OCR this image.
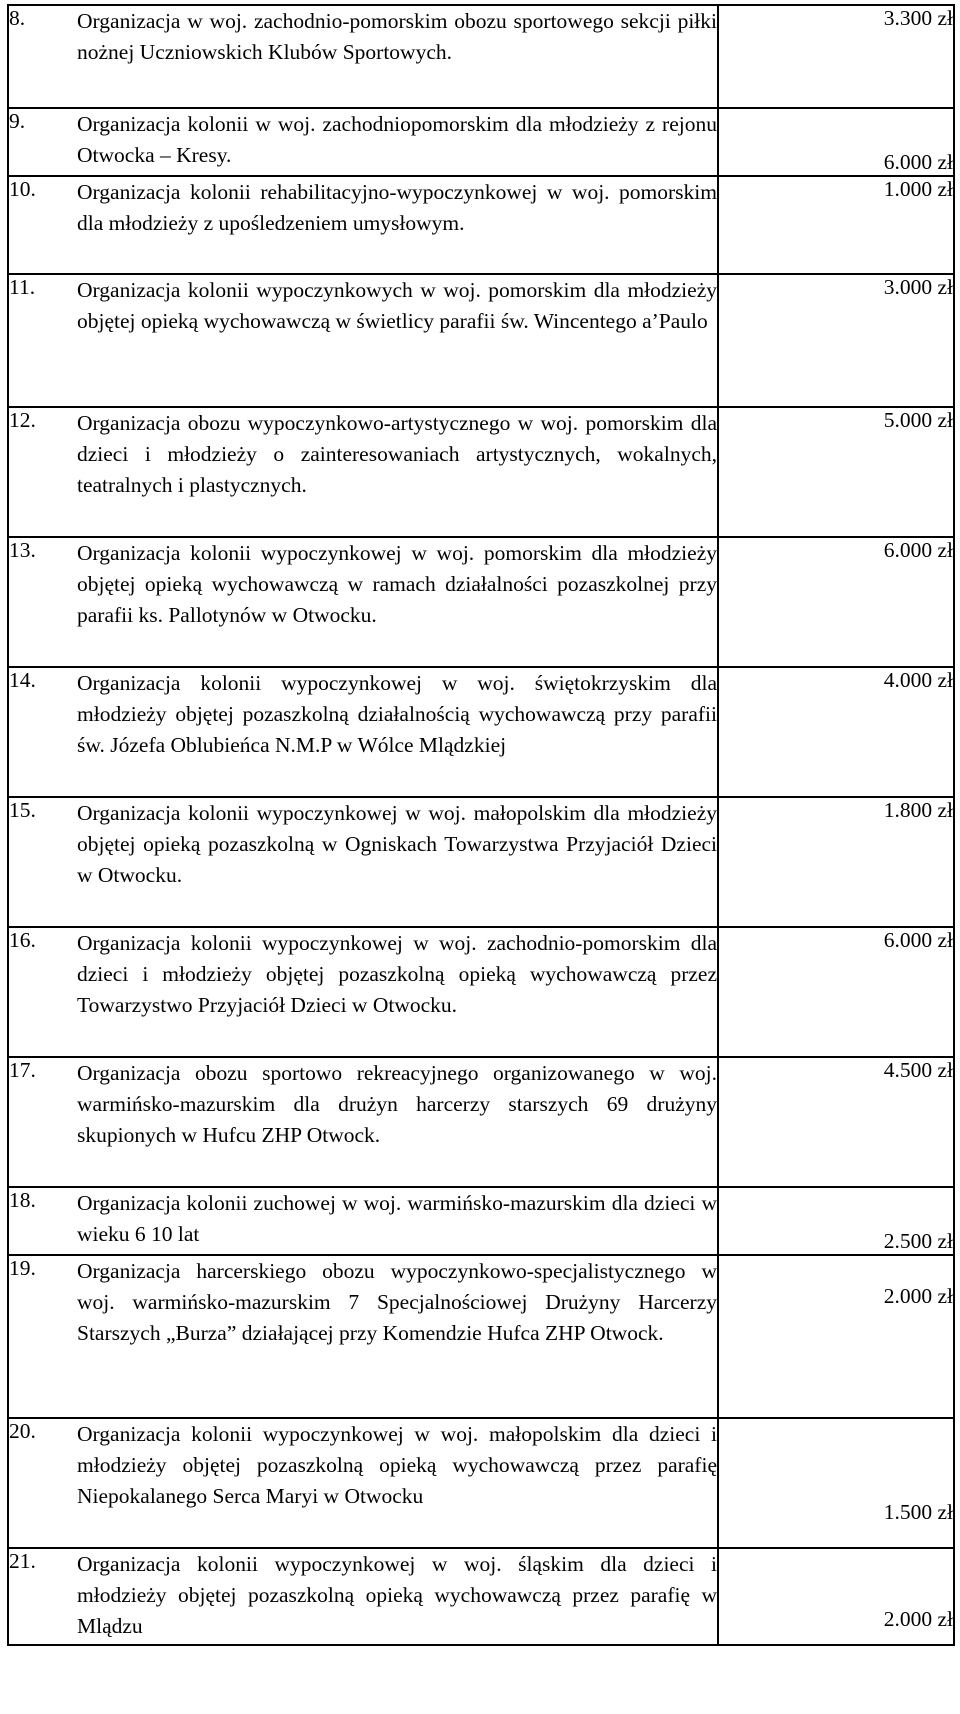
8. Organizacja w woj. zachodnio-pomorskim obozu sportowego sekcji piłki nożnej Uczniowskich Klubów Sportowych.	3.300 zł

9. Organizacja kolonii w woj. zachodniopomorskim dla młodzieży z rejonu Otwocka – Kresy.	6.000 zł

10. Organizacja kolonii rehabilitacyjno-wypoczynkowej w woj. pomorskim dla młodzieży z upośledzeniem umysłowym.	1.000 zł

11. Organizacja kolonii wypoczynkowych w woj. pomorskim dla młodzieży objętej opieką wychowawczą w świetlicy parafii św. Wincentego a’Paulo	3.000 zł

12. Organizacja obozu wypoczynkowo-artystycznego w woj. pomorskim dla dzieci i młodzieży o zainteresowaniach artystycznych, wokalnych, teatralnych i plastycznych.	5.000 zł

13. Organizacja kolonii wypoczynkowej w woj. pomorskim dla młodzieży objętej opieką wychowawczą w ramach działalności pozaszkolnej przy parafii ks. Pallotynów w Otwocku.	6.000 zł

14. Organizacja kolonii wypoczynkowej w woj. świętokrzyskim dla młodzieży objętej pozaszkolną działalnością wychowawczą przy parafii św. Józefa Oblubieńca N.M.P w Wólce Mlądzkiej	4.000 zł

15. Organizacja kolonii wypoczynkowej w woj. małopolskim dla młodzieży objętej opieką pozaszkolną w Ogniskach Towarzystwa Przyjaciół Dzieci w Otwocku.	1.800 zł

16. Organizacja kolonii wypoczynkowej w woj. zachodnio-pomorskim dla dzieci i młodzieży objętej pozaszkolną opieką wychowawczą przez Towarzystwo Przyjaciół Dzieci w Otwocku.	6.000 zł

17. Organizacja obozu sportowo rekreacyjnego organizowanego w woj. warmińsko-mazurskim dla drużyn harcerzy starszych 69 drużyny skupionych w Hufcu ZHP Otwock.	4.500 zł

18. Organizacja kolonii zuchowej w woj. warmińsko-mazurskim dla dzieci w wieku 6 10 lat	2.500 zł

19. Organizacja harcerskiego obozu wypoczynkowo-specjalistycznego w woj. warmińsko-mazurskim 7 Specjalnościowej Drużyny Harcerzy Starszych „Burza” działającej przy Komendzie Hufca ZHP Otwock.	2.000 zł

20. Organizacja kolonii wypoczynkowej w woj. małopolskim dla dzieci i młodzieży objętej pozaszkolną opieką wychowawczą przez parafię Niepokalanego Serca Maryi w Otwocku	1.500 zł

21. Organizacja kolonii wypoczynkowej w woj. śląskim dla dzieci i młodzieży objętej pozaszkolną opieką wychowawczą przez parafię w Mlądzu	2.000 zł
